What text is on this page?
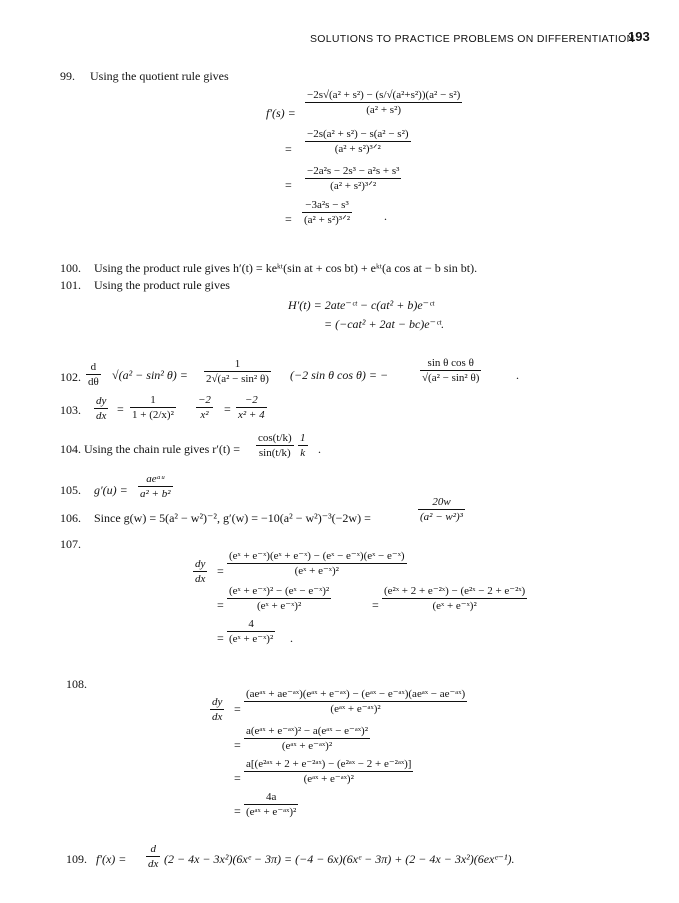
SOLUTIONS TO PRACTICE PROBLEMS ON DIFFERENTIATION
193
99. Using the quotient rule gives
$f'(s) = \frac{\text{−2s√(a² + s²) − (s/√(a²+s²))(a² − s²)}}{\text{(a² + s²)}}$
=
−2s(a² + s²) − s(a² − s²)
(a² + s²)³ᐟ²
=
−2a²s − 2s³ − a²s + s³
(a² + s²)³ᐟ²
=
−3a²s − s³
(a² + s²)³ᐟ²	.
100. Using the product rule gives h′(t) = keᵏᵗ(sin at + cos bt) + eᵏᵗ(a cos at − b sin bt).
101. Using the product rule gives
H′(t) = 2ate⁻ᶜᵗ − c(at² + b)e⁻ᶜᵗ
= (−cat² + 2at − bc)e⁻ᶜᵗ.
102. $\frac{d}{d\theta} √(a^2 - \sin^2$ $\theta) = \frac{1}{\text{2√(a² − sin² θ)}} (-2$ sin θ cos θ) = −	$\frac{\text{sin θ cos θ}}{\text{√(a² − sin² θ)}}$	.
103. $\frac{dy}{dx} = \frac{1}{\text{1 + (2/x)²}} \frac{-2}{\text{x²}} = \frac{-2}{\text{x² + 4}}$
104. Using the chain rule gives $r'(t) = \frac{\cos(t/k)}{\sin(t/k)} \frac{1}{k}$ .
105. g′(u) =
aeᵃᵘ
a² + b²
106. Since g(w) = 5(a² − w²)⁻², g′(w) = −10(a² − w²)⁻³(−2w) =	$\frac{20w}{\text{(a² − w²)³}}$
107.
$\frac{dy}{dx} = \frac{\text{(eˣ + e⁻ˣ)(eˣ + e⁻ˣ) − (eˣ − e⁻ˣ)(eˣ − e⁻ˣ)}}{\text{(eˣ + e⁻ˣ)²}}$
= $\frac{\text{(eˣ + e⁻ˣ)² − (eˣ − e⁻ˣ)²}}{\text{(eˣ + e⁻ˣ)²}}$	= $\frac{\text{(e²ˣ + 2 + e⁻²ˣ) − (e²ˣ − 2 + e⁻²ˣ)}}{\text{(eˣ + e⁻ˣ)²}}$
= $\frac{4}{\text{(eˣ + e⁻ˣ)²}}$ .
108.
$\frac{dy}{dx}$ =
(aeᵃˣ + ae⁻ᵃˣ)(eᵃˣ + e⁻ᵃˣ) − (eᵃˣ − e⁻ᵃˣ)(aeᵃˣ − ae⁻ᵃˣ)
(eᵃˣ + e⁻ᵃˣ)²
=
a(eᵃˣ + e⁻ᵃˣ)² − a(eᵃˣ − e⁻ᵃˣ)²
(eᵃˣ + e⁻ᵃˣ)²
=
a[(e²ᵃˣ + 2 + e⁻²ᵃˣ) − (e²ᵃˣ − 2 + e⁻²ᵃˣ)]
(eᵃˣ + e⁻ᵃˣ)²
=
4a
(eᵃˣ + e⁻ᵃˣ)²
109. $f'(x) = \frac{d}{dx} (2 - 4x$ − 3x²)(6xᵉ − 3π) = (−4 − 6x)(6xᵉ − 3π) + (2 − 4x − 3x²)(6exᵉ⁻¹).
